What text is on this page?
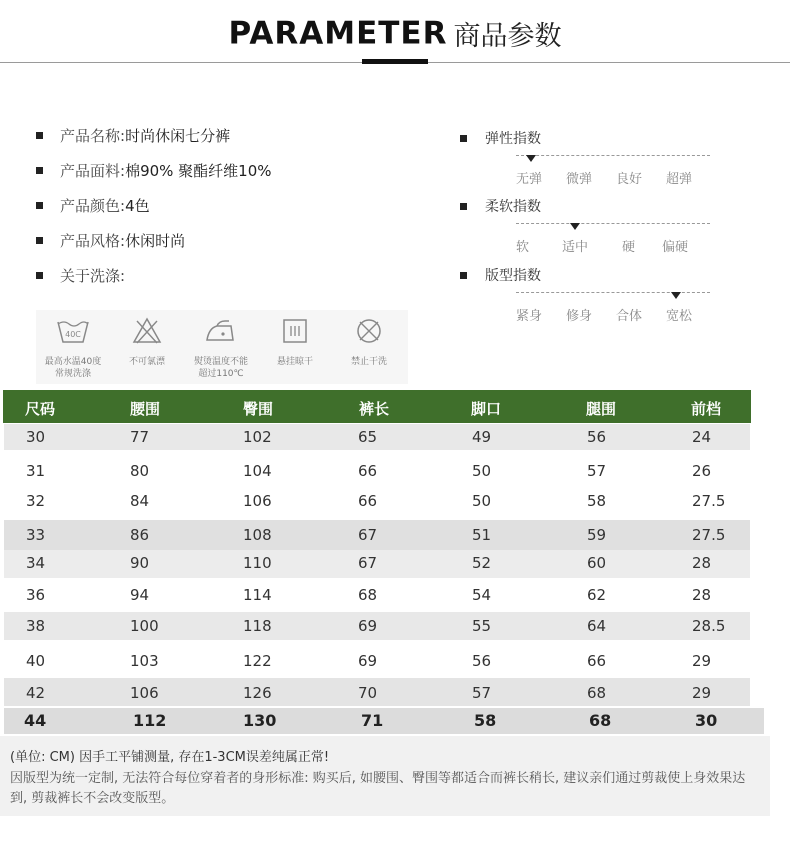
PARAMETER 商品参数
产品名称: 时尚休闲七分裤
产品面料: 棉90% 聚酯纤维10%
产品颜色: 4色
产品风格: 休闲时尚
关于洗涤:
40C
最高水温40度
常规洗涤
不可氯漂	熨烫温度不能
超过110℃
悬挂晾干	禁止干洗

弹性指数
无弹 微弹 良好 超弹
柔软指数
软	适中	硬 偏硬
版型指数
紧身 修身 合体 宽松
尺码	腰围	臀围	裤长	脚口	腿围	前档
30	77	102	65	49	56	24
31	80	104	66	50	57	26
32	84	106	66	50	58	27.5
33	86	108	67	51	59	27.5
34	90	110	67	52	60	28
36	94	114	68	54	62	28
38	100	118	69	55	64	28.5
40	103	122	69	56	66	29
42	106	126	70	57	68	29
44	112	130	71	58	68	30
(单位: CM) 因手工平铺测量, 存在1-3CM误差纯属正常!
因版型为统一定制, 无法符合每位穿着者的身形标准: 购买后, 如腰围、臀围等都适合而裤长稍长, 建议亲们通过剪裁使上身效果达到, 剪裁裤长不会改变版型。
